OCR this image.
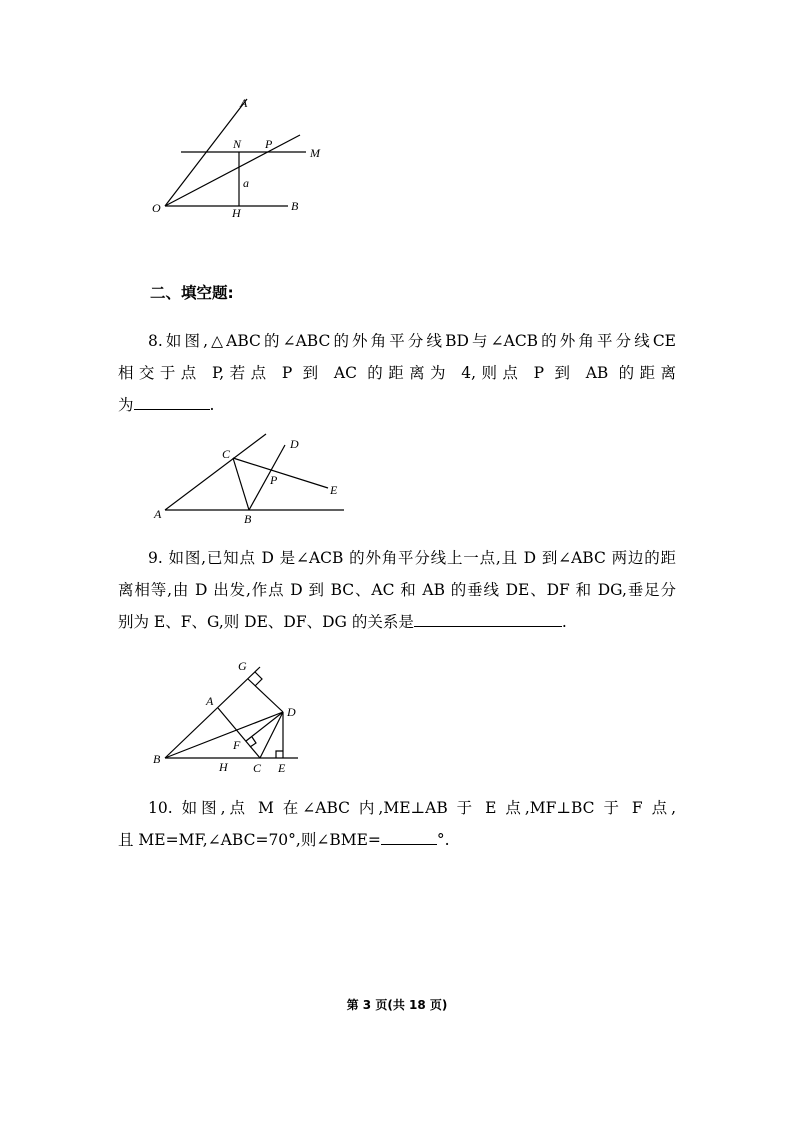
A
N P
M
a
O	H	B
二、填空题:
8.如图,△ABC的∠ABC的外角平分线BD与∠ACB的外角平分线CE
相交于点 P,若点 P 到 AC 的距离为 4,则点 P 到 AB 的距离
为	.
C
D
P
E
A	B
9. 如图,已知点 D 是∠ACB 的外角平分线上一点,且 D 到∠ABC 两边的距
离相等,由 D 出发,作点 D 到 BC、AC 和 AB 的垂线 DE、DF 和 DG,垂足分
别为 E、F、G,则 DE、DF、DG 的关系是	.
G
A
D
F
B
H C E
10. 如图,点 M 在∠ABC 内,ME⊥AB 于 E 点,MF⊥BC 于 F 点,
且 ME=MF,∠ABC=70°,则∠BME=	°.
第 3 页(共 18 页)
